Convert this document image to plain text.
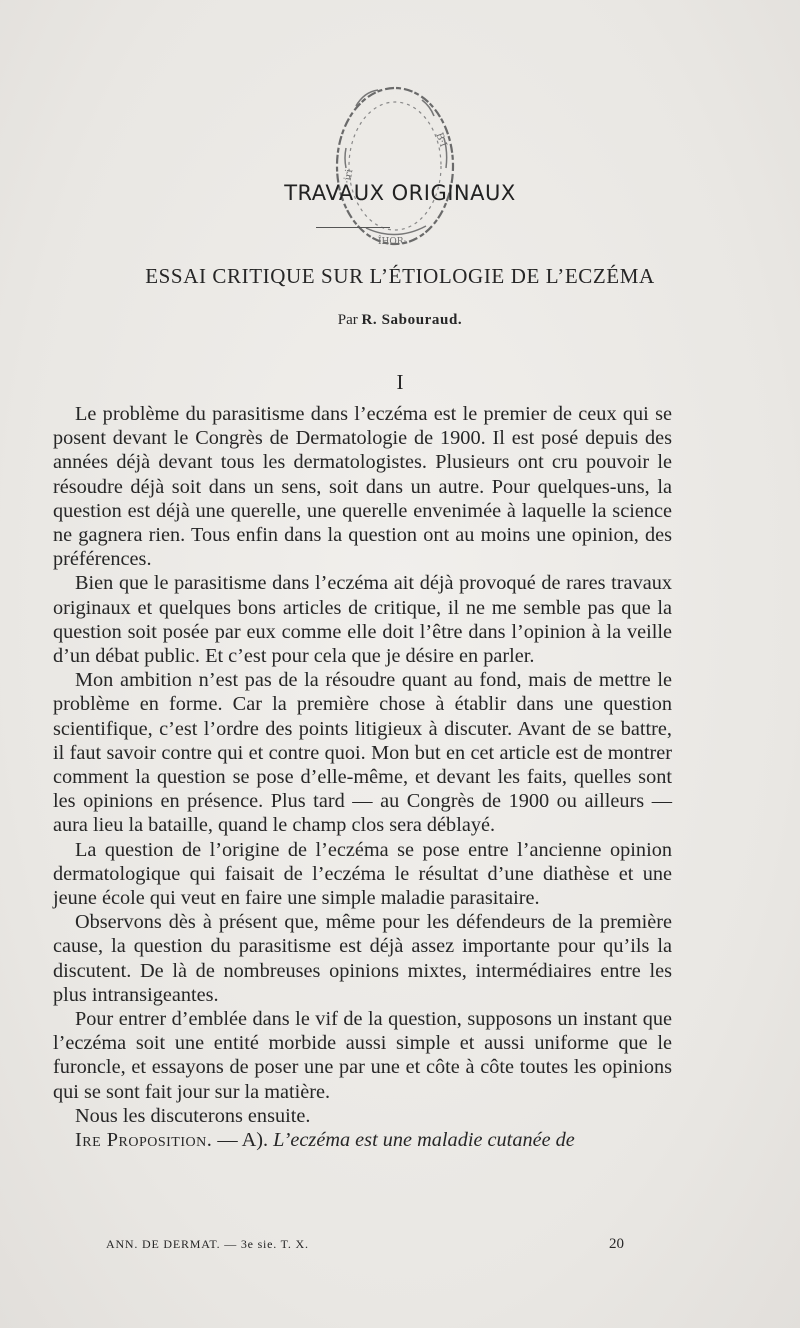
·iri
B·I
ÎHOR·
TRAVAUX ORIGINAUX
ESSAI CRITIQUE SUR L’ÉTIOLOGIE DE L’ECZÉMA
Par R. Sabouraud.
I

Le problème du parasitisme dans l’eczéma est le premier de ceux qui se posent devant le Congrès de Dermatologie de 1900. Il est posé depuis des années déjà devant tous les dermatologistes. Plusieurs ont cru pouvoir le résoudre déjà soit dans un sens, soit dans un autre. Pour quelques-uns, la question est déjà une querelle, une querelle envenimée à laquelle la science ne gagnera rien. Tous enfin dans la question ont au moins une opinion, des préférences.

Bien que le parasitisme dans l’eczéma ait déjà provoqué de rares travaux originaux et quelques bons articles de critique, il ne me semble pas que la question soit posée par eux comme elle doit l’être dans l’opinion à la veille d’un débat public. Et c’est pour cela que je désire en parler.

Mon ambition n’est pas de la résoudre quant au fond, mais de mettre le problème en forme. Car la première chose à établir dans une question scientifique, c’est l’ordre des points litigieux à discuter. Avant de se battre, il faut savoir contre qui et contre quoi. Mon but en cet article est de montrer comment la question se pose d’elle-même, et devant les faits, quelles sont les opinions en présence. Plus tard — au Congrès de 1900 ou ailleurs — aura lieu la bataille, quand le champ clos sera déblayé.

La question de l’origine de l’eczéma se pose entre l’ancienne opinion dermatologique qui faisait de l’eczéma le résultat d’une diathèse et une jeune école qui veut en faire une simple maladie parasitaire.

Observons dès à présent que, même pour les défendeurs de la première cause, la question du parasitisme est déjà assez importante pour qu’ils la discutent. De là de nombreuses opinions mixtes, intermédiaires entre les plus intransigeantes.

Pour entrer d’emblée dans le vif de la question, supposons un instant que l’eczéma soit une entité morbide aussi simple et aussi uniforme que le furoncle, et essayons de poser une par une et côte à côte toutes les opinions qui se sont fait jour sur la matière.

Nous les discuterons ensuite.

Ire Proposition. — A). L’eczéma est une maladie cutanée de

ANN. DE DERMAT. — 3e sie. T. X.	20
